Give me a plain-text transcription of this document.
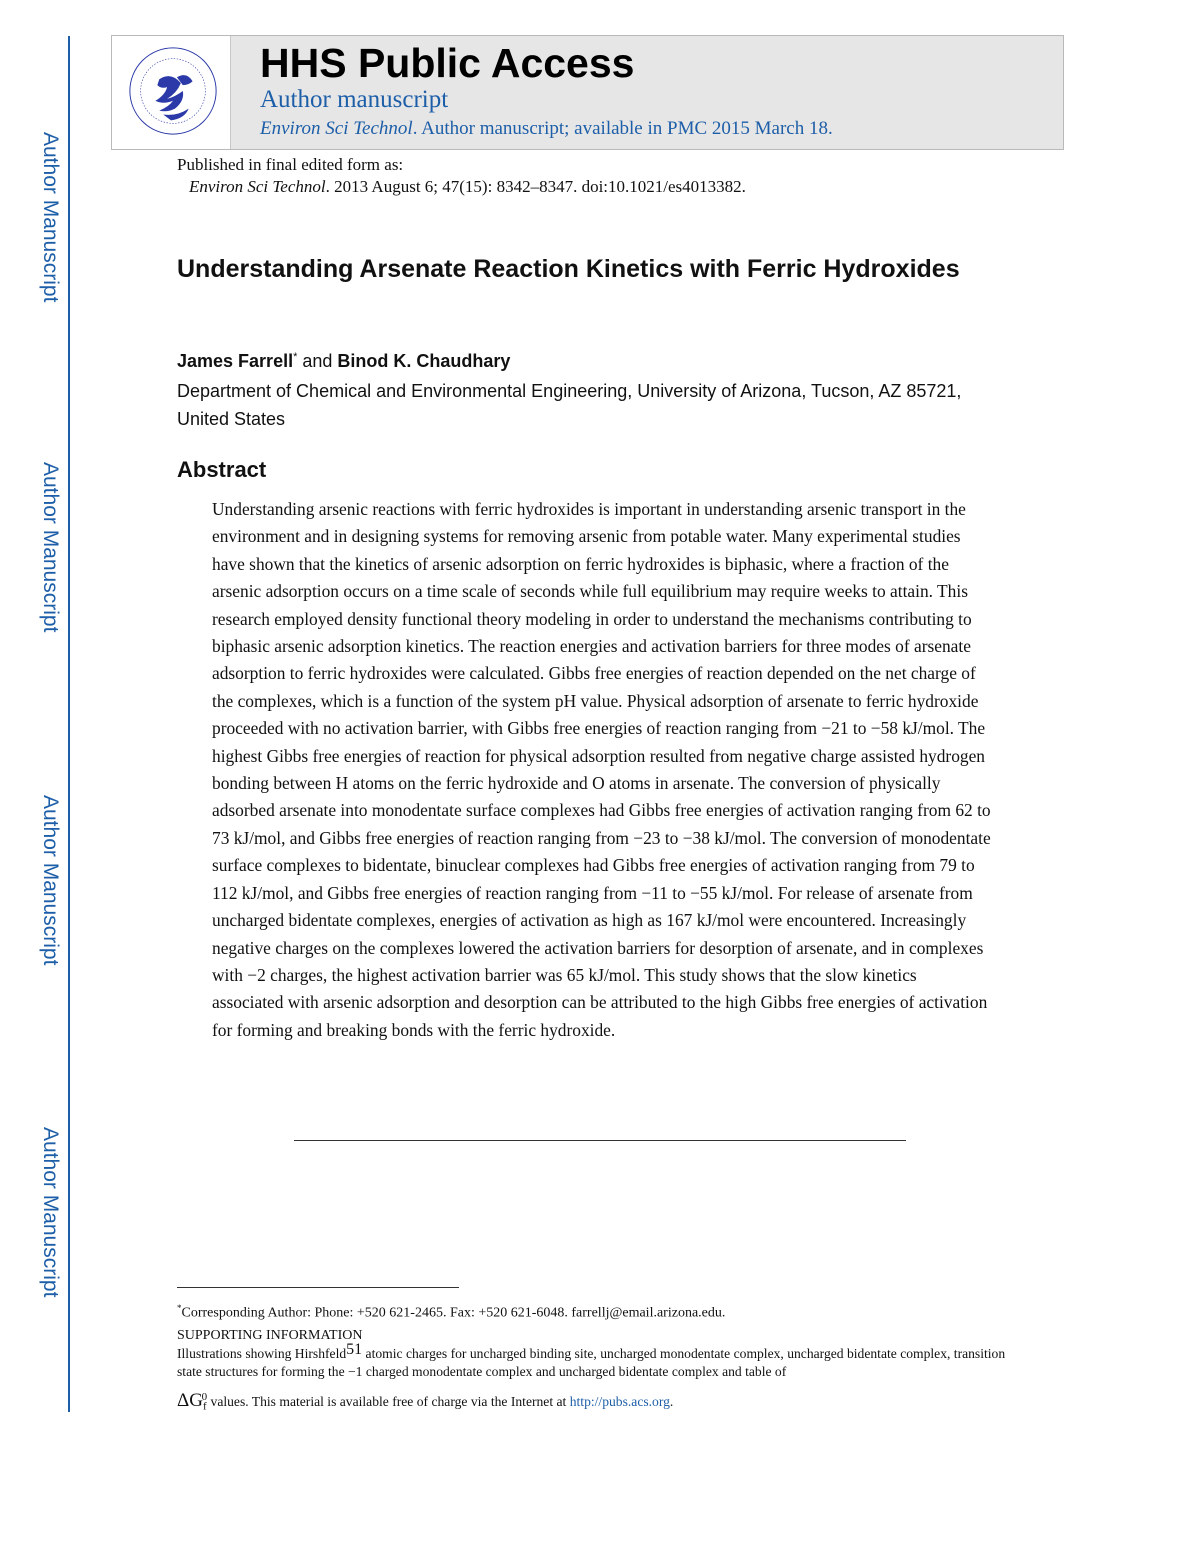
Author Manuscript
Author Manuscript
Author Manuscript
Author Manuscript
HHS Public Access
Author manuscript
Environ Sci Technol. Author manuscript; available in PMC 2015 March 18.
Published in final edited form as:
Environ Sci Technol. 2013 August 6; 47(15): 8342–8347. doi:10.1021/es4013382.
Understanding Arsenate Reaction Kinetics with Ferric Hydroxides
James Farrell* and Binod K. Chaudhary
Department of Chemical and Environmental Engineering, University of Arizona, Tucson, AZ 85721, United States
Abstract
Understanding arsenic reactions with ferric hydroxides is important in understanding arsenic transport in the environment and in designing systems for removing arsenic from potable water. Many experimental studies have shown that the kinetics of arsenic adsorption on ferric hydroxides is biphasic, where a fraction of the arsenic adsorption occurs on a time scale of seconds while full equilibrium may require weeks to attain. This research employed density functional theory modeling in order to understand the mechanisms contributing to biphasic arsenic adsorption kinetics. The reaction energies and activation barriers for three modes of arsenate adsorption to ferric hydroxides were calculated. Gibbs free energies of reaction depended on the net charge of the complexes, which is a function of the system pH value. Physical adsorption of arsenate to ferric hydroxide proceeded with no activation barrier, with Gibbs free energies of reaction ranging from −21 to −58 kJ/mol. The highest Gibbs free energies of reaction for physical adsorption resulted from negative charge assisted hydrogen bonding between H atoms on the ferric hydroxide and O atoms in arsenate. The conversion of physically adsorbed arsenate into monodentate surface complexes had Gibbs free energies of activation ranging from 62 to 73 kJ/mol, and Gibbs free energies of reaction ranging from −23 to −38 kJ/mol. The conversion of monodentate surface complexes to bidentate, binuclear complexes had Gibbs free energies of activation ranging from 79 to 112 kJ/mol, and Gibbs free energies of reaction ranging from −11 to −55 kJ/mol. For release of arsenate from uncharged bidentate complexes, energies of activation as high as 167 kJ/mol were encountered. Increasingly negative charges on the complexes lowered the activation barriers for desorption of arsenate, and in complexes with −2 charges, the highest activation barrier was 65 kJ/mol. This study shows that the slow kinetics associated with arsenic adsorption and desorption can be attributed to the high Gibbs free energies of activation for forming and breaking bonds with the ferric hydroxide.
*Corresponding Author: Phone: +520 621-2465. Fax: +520 621-6048. farrellj@email.arizona.edu.
SUPPORTING INFORMATION
Illustrations showing Hirshfeld$^{51}$ atomic charges for uncharged binding site, uncharged monodentate complex, uncharged bidentate complex, transition state structures for forming the −1 charged monodentate complex and uncharged bidentate complex and table of
$\Delta G_f^0$ values. This material is available free of charge via the Internet at http://pubs.acs.org.
